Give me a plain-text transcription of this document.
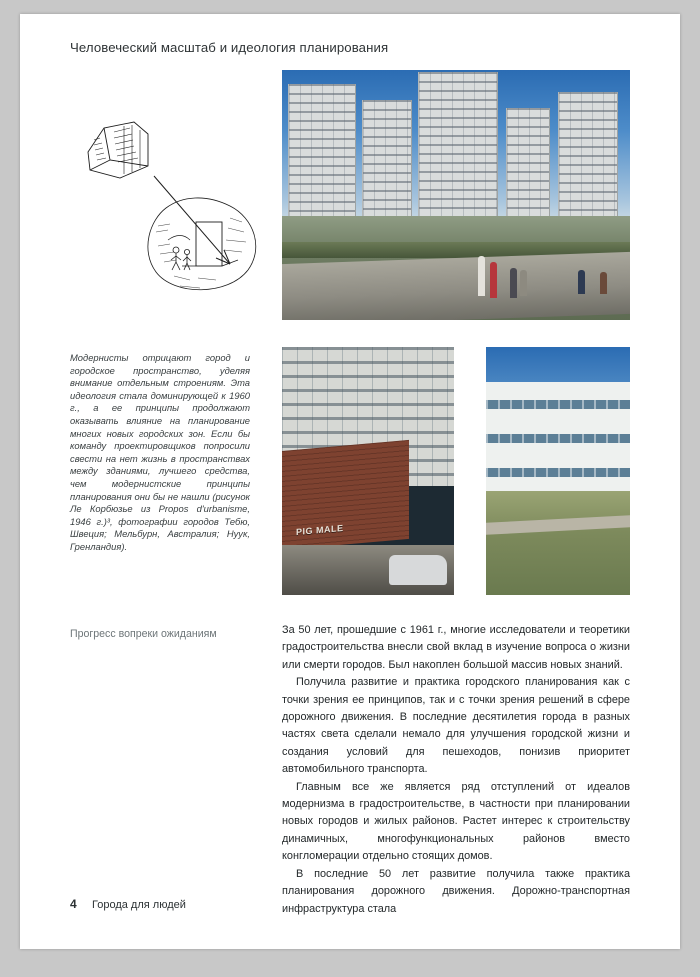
Человеческий масштаб и идеология планирования
Модернисты отрицают город и городское пространство, уделяя внимание отдельным строениям. Эта идеология стала доминирующей к 1960 г., а ее принципы продолжают оказывать влияние на планирование многих новых городских зон. Если бы команду проектировщиков попросили свести на нет жизнь в пространствах между зданиями, лучшего средства, чем модернистские принципы планирования они бы не нашли (рисунок Ле Корбюзье из Propos d'urbanisme, 1946 г.)³, фотографии городов Тебю, Швеция; Мельбурн, Австралия; Нуук, Гренландия).
PIG MALE
Прогресс вопреки ожиданиям	За 50 лет, прошедшие с 1961 г., многие исследователи и теоретики градостроительства внесли свой вклад в изучение вопроса о жизни или смерти городов. Был накоплен большой массив новых знаний.

Получила развитие и практика городского планирования как с точки зрения ее принципов, так и с точки зрения решений в сфере дорожного движения. В последние десятилетия города в разных частях света сделали немало для улучшения городской жизни и создания условий для пешеходов, понизив приоритет автомобильного транспорта.

Главным все же является ряд отступлений от идеалов модернизма в градостроительстве, в частности при планировании новых городов и жилых районов. Растет интерес к строительству динамичных, многофункциональных районов вместо конгломерации отдельно стоящих домов.

В последние 50 лет развитие получила также практика планирования дорожного движения. Дорожно-транспортная инфраструктура стала

4 Города для людей
